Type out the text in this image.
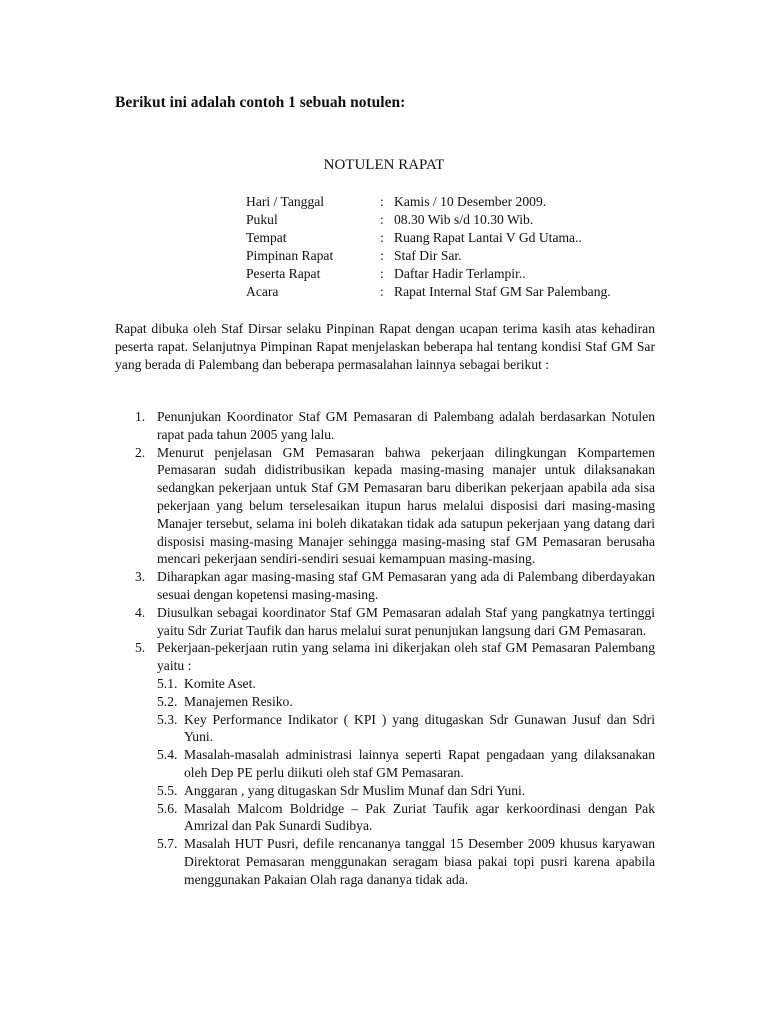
Berikut ini adalah contoh 1 sebuah notulen:
NOTULEN RAPAT
Hari / Tanggal	:	Kamis / 10 Desember 2009.
Pukul	:	08.30 Wib s/d 10.30 Wib.
Tempat	:	Ruang Rapat Lantai V Gd Utama..
Pimpinan Rapat	:	Staf Dir Sar.
Peserta Rapat	:	Daftar Hadir Terlampir..
Acara	:	Rapat Internal Staf GM Sar Palembang.

Rapat dibuka oleh Staf Dirsar selaku Pinpinan Rapat dengan ucapan terima kasih atas kehadiran peserta rapat. Selanjutnya Pimpinan Rapat menjelaskan beberapa hal tentang kondisi Staf GM Sar yang berada di Palembang dan beberapa permasalahan lainnya sebagai berikut :

1. Penunjukan Koordinator Staf GM Pemasaran di Palembang adalah berdasarkan Notulen rapat pada tahun 2005 yang lalu.
2. Menurut penjelasan GM Pemasaran bahwa pekerjaan dilingkungan Kompartemen Pemasaran sudah didistribusikan kepada masing-masing manajer untuk dilaksanakan sedangkan pekerjaan untuk Staf GM Pemasaran baru diberikan pekerjaan apabila ada sisa pekerjaan yang belum terselesaikan itupun harus melalui disposisi dari masing-masing Manajer tersebut, selama ini boleh dikatakan tidak ada satupun pekerjaan yang datang dari disposisi masing-masing Manajer sehingga masing-masing staf GM Pemasaran berusaha mencari pekerjaan sendiri-sendiri sesuai kemampuan masing-masing.
3. Diharapkan agar masing-masing staf GM Pemasaran yang ada di Palembang diberdayakan sesuai dengan kopetensi masing-masing.
4. Diusulkan sebagai koordinator Staf GM Pemasaran adalah Staf yang pangkatnya tertinggi yaitu Sdr Zuriat Taufik dan harus melalui surat penunjukan langsung dari GM Pemasaran.
5. Pekerjaan-pekerjaan rutin yang selama ini dikerjakan oleh staf GM Pemasaran Palembang yaitu :
5.1. Komite Aset.
5.2. Manajemen Resiko.
5.3. Key Performance Indikator ( KPI ) yang ditugaskan Sdr Gunawan Jusuf dan Sdri Yuni.
5.4. Masalah-masalah administrasi lainnya seperti Rapat pengadaan yang dilaksanakan oleh Dep PE perlu diikuti oleh staf GM Pemasaran.
5.5. Anggaran , yang ditugaskan Sdr Muslim Munaf dan Sdri Yuni.
5.6. Masalah Malcom Boldridge – Pak Zuriat Taufik agar kerkoordinasi dengan Pak Amrizal dan Pak Sunardi Sudibya.
5.7. Masalah HUT Pusri, defile rencananya tanggal 15 Desember 2009 khusus karyawan Direktorat Pemasaran menggunakan seragam biasa pakai topi pusri karena apabila menggunakan Pakaian Olah raga dananya tidak ada.
